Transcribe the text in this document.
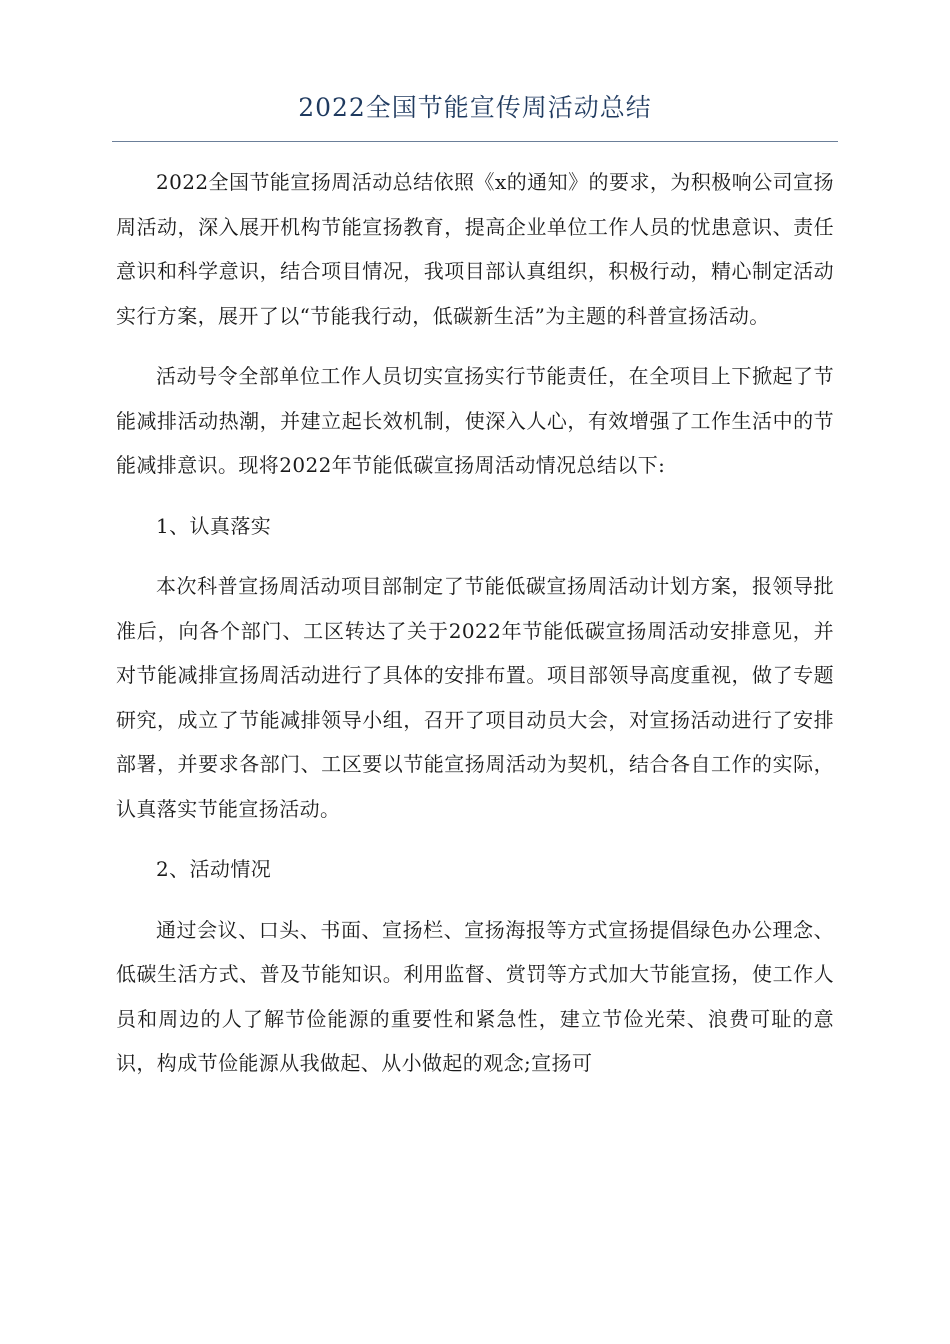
2022全国节能宣传周活动总结

2022全国节能宣扬周活动总结依照《x的通知》的要求，为积极响公司宣扬周活动，深入展开机构节能宣扬教育，提高企业单位工作人员的忧患意识、责任意识和科学意识，结合项目情况，我项目部认真组织，积极行动，精心制定活动实行方案，展开了以“节能我行动，低碳新生活”为主题的科普宣扬活动。

活动号令全部单位工作人员切实宣扬实行节能责任，在全项目上下掀起了节能减排活动热潮，并建立起长效机制，使深入人心，有效增强了工作生活中的节能减排意识。现将2022年节能低碳宣扬周活动情况总结以下:

1、认真落实

本次科普宣扬周活动项目部制定了节能低碳宣扬周活动计划方案，报领导批准后，向各个部门、工区转达了关于2022年节能低碳宣扬周活动安排意见，并对节能减排宣扬周活动进行了具体的安排布置。项目部领导高度重视，做了专题研究，成立了节能减排领导小组，召开了项目动员大会，对宣扬活动进行了安排部署，并要求各部门、工区要以节能宣扬周活动为契机，结合各自工作的实际，认真落实节能宣扬活动。

2、活动情况

通过会议、口头、书面、宣扬栏、宣扬海报等方式宣扬提倡绿色办公理念、低碳生活方式、普及节能知识。利用监督、赏罚等方式加大节能宣扬，使工作人员和周边的人了解节俭能源的重要性和紧急性，建立节俭光荣、浪费可耻的意识，构成节俭能源从我做起、从小做起的观念;宣扬可
